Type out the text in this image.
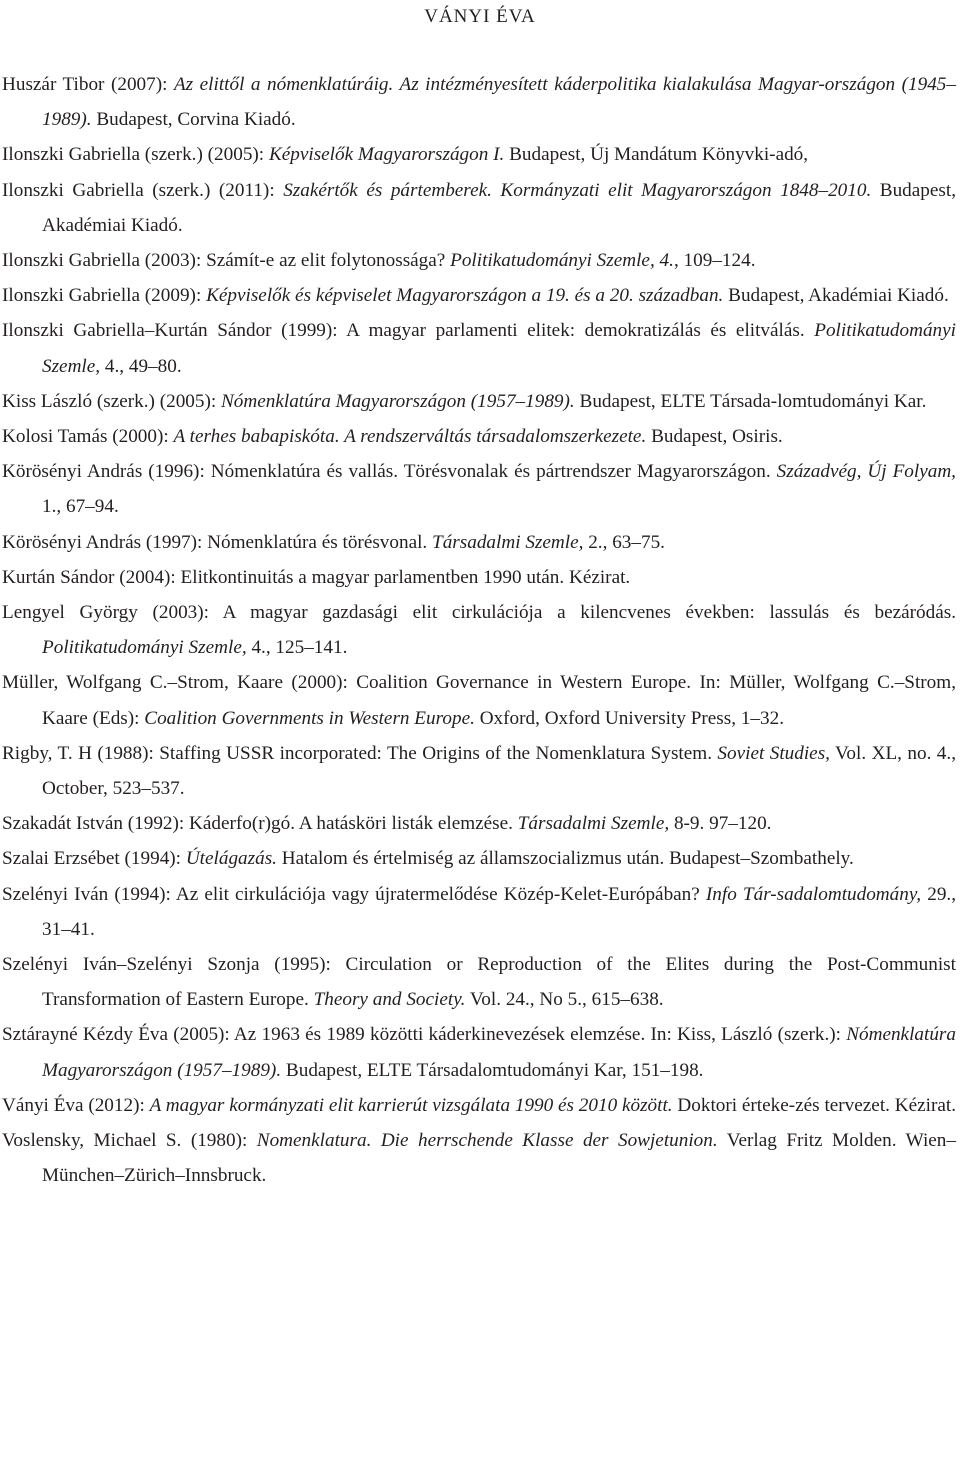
VÁNYI ÉVA
Huszár Tibor (2007): Az elittől a nómenklatúráig. Az intézményesített káderpolitika kialakulása Magyar-országon (1945–1989). Budapest, Corvina Kiadó.
Ilonszki Gabriella (szerk.) (2005): Képviselők Magyarországon I. Budapest, Új Mandátum Könyvki-adó,
Ilonszki Gabriella (szerk.) (2011): Szakértők és pártemberek. Kormányzati elit Magyarországon 1848–2010. Budapest, Akadémiai Kiadó.
Ilonszki Gabriella (2003): Számít-e az elit folytonossága? Politikatudományi Szemle, 4., 109–124.
Ilonszki Gabriella (2009): Képviselők és képviselet Magyarországon a 19. és a 20. században. Budapest, Akadémiai Kiadó.
Ilonszki Gabriella–Kurtán Sándor (1999): A magyar parlamenti elitek: demokratizálás és elitválás. Politikatudományi Szemle, 4., 49–80.
Kiss László (szerk.) (2005): Nómenklatúra Magyarországon (1957–1989). Budapest, ELTE Társada-lomtudományi Kar.
Kolosi Tamás (2000): A terhes babapiskóta. A rendszerváltás társadalomszerkezete. Budapest, Osiris.
Körösényi András (1996): Nómenklatúra és vallás. Törésvonalak és pártrendszer Magyarországon. Századvég, Új Folyam, 1., 67–94.
Körösényi András (1997): Nómenklatúra és törésvonal. Társadalmi Szemle, 2., 63–75.
Kurtán Sándor (2004): Elitkontinuitás a magyar parlamentben 1990 után. Kézirat.
Lengyel György (2003): A magyar gazdasági elit cirkulációja a kilencvenes években: lassulás és bezáródás. Politikatudományi Szemle, 4., 125–141.
Müller, Wolfgang C.–Strom, Kaare (2000): Coalition Governance in Western Europe. In: Müller, Wolfgang C.–Strom, Kaare (Eds): Coalition Governments in Western Europe. Oxford, Oxford University Press, 1–32.
Rigby, T. H (1988): Staffing USSR incorporated: The Origins of the Nomenklatura System. Soviet Studies, Vol. XL, no. 4., October, 523–537.
Szakadát István (1992): Káderfo(r)gó. A hatásköri listák elemzése. Társadalmi Szemle, 8-9. 97–120.
Szalai Erzsébet (1994): Útelágazás. Hatalom és értelmiség az államszocializmus után. Budapest–Szombathely.
Szelényi Iván (1994): Az elit cirkulációja vagy újratermelődése Közép-Kelet-Európában? Info Tár-sadalomtudomány, 29., 31–41.
Szelényi Iván–Szelényi Szonja (1995): Circulation or Reproduction of the Elites during the Post-Communist Transformation of Eastern Europe. Theory and Society. Vol. 24., No 5., 615–638.
Sztárayné Kézdy Éva (2005): Az 1963 és 1989 közötti káderkinevezések elemzése. In: Kiss, László (szerk.): Nómenklatúra Magyarországon (1957–1989). Budapest, ELTE Társadalomtudományi Kar, 151–198.
Ványi Éva (2012): A magyar kormányzati elit karrierút vizsgálata 1990 és 2010 között. Doktori érteke-zés tervezet. Kézirat.
Voslensky, Michael S. (1980): Nomenklatura. Die herrschende Klasse der Sowjetunion. Verlag Fritz Molden. Wien–München–Zürich–Innsbruck.
